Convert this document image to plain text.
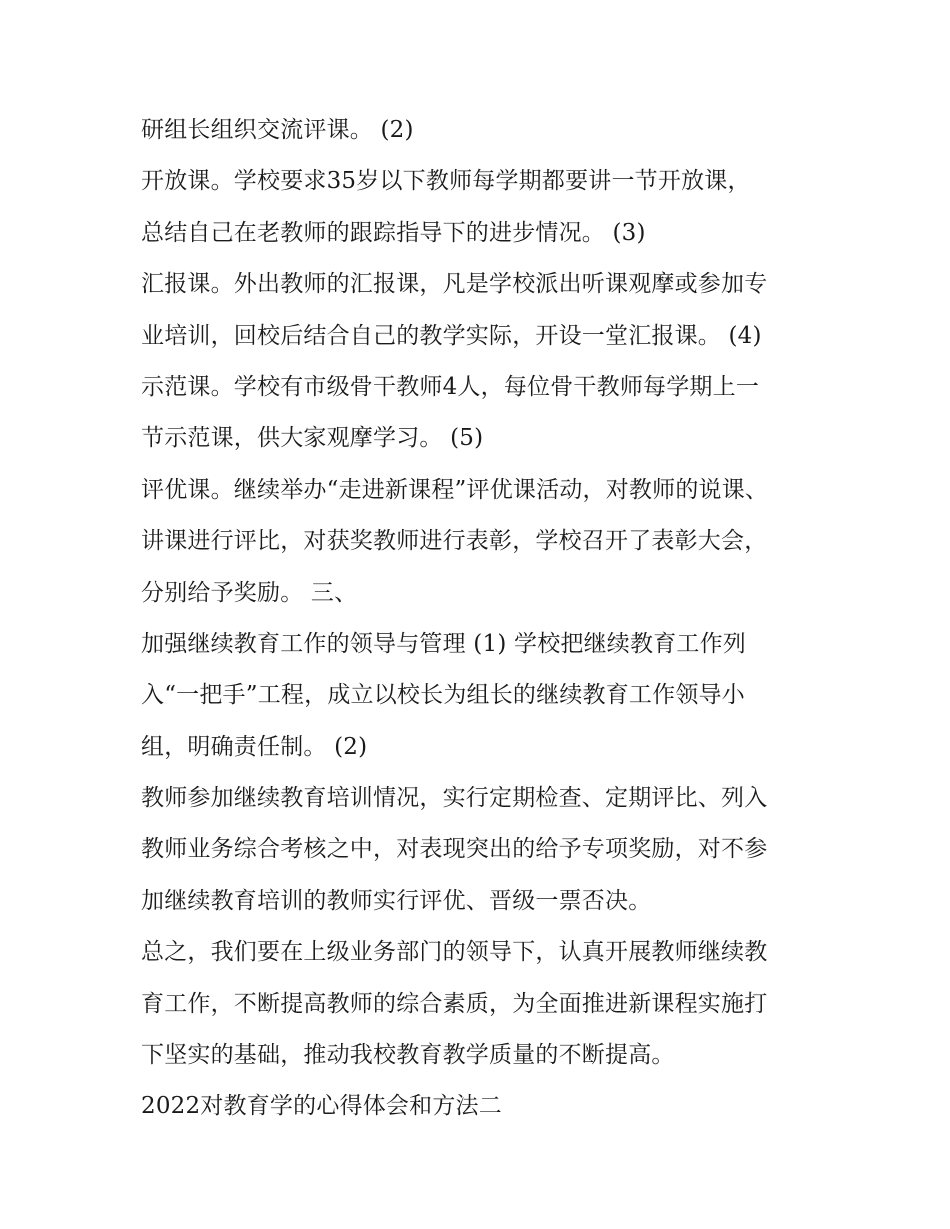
研组长组织交流评课。 (2)
开放课。学校要求35岁以下教师每学期都要讲一节开放课，
总结自己在老教师的跟踪指导下的进步情况。 (3)
汇报课。外出教师的汇报课，凡是学校派出听课观摩或参加专
业培训，回校后结合自己的教学实际，开设一堂汇报课。 (4)
示范课。学校有市级骨干教师4人，每位骨干教师每学期上一
节示范课，供大家观摩学习。 (5)
评优课。继续举办“走进新课程”评优课活动，对教师的说课、
讲课进行评比，对获奖教师进行表彰，学校召开了表彰大会，
分别给予奖励。 三、
加强继续教育工作的领导与管理 (1) 学校把继续教育工作列
入“一把手”工程，成立以校长为组长的继续教育工作领导小
组，明确责任制。 (2)
教师参加继续教育培训情况，实行定期检查、定期评比、列入
教师业务综合考核之中，对表现突出的给予专项奖励，对不参
加继续教育培训的教师实行评优、晋级一票否决。
总之，我们要在上级业务部门的领导下，认真开展教师继续教
育工作，不断提高教师的综合素质，为全面推进新课程实施打
下坚实的基础，推动我校教育教学质量的不断提高。
2022对教育学的心得体会和方法二
